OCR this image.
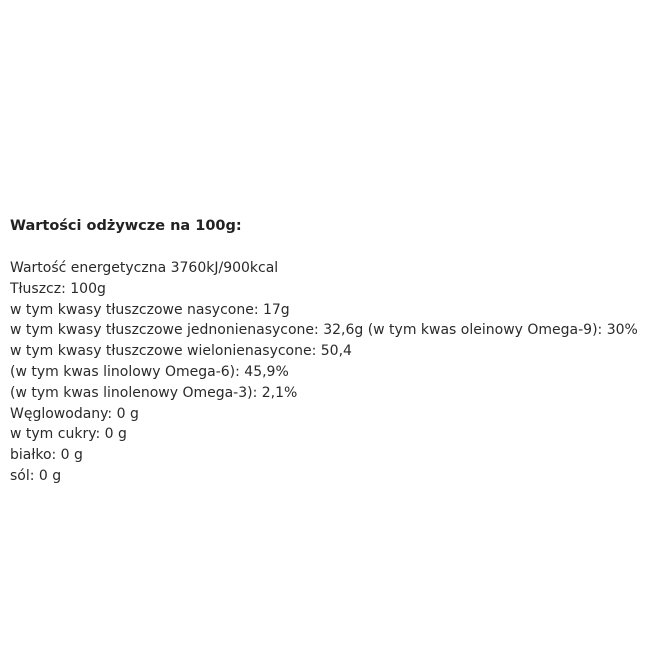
Wartości odżywcze na 100g:

Wartość energetyczna 3760kJ/900kcal
Tłuszcz: 100g
w tym kwasy tłuszczowe nasycone: 17g
w tym kwasy tłuszczowe jednonienasycone: 32,6g (w tym kwas oleinowy Omega-9): 30%
w tym kwasy tłuszczowe wielonienasycone: 50,4
(w tym kwas linolowy Omega-6): 45,9%
(w tym kwas linolenowy Omega-3): 2,1%
Węglowodany: 0 g
w tym cukry: 0 g
białko: 0 g
sól: 0 g
